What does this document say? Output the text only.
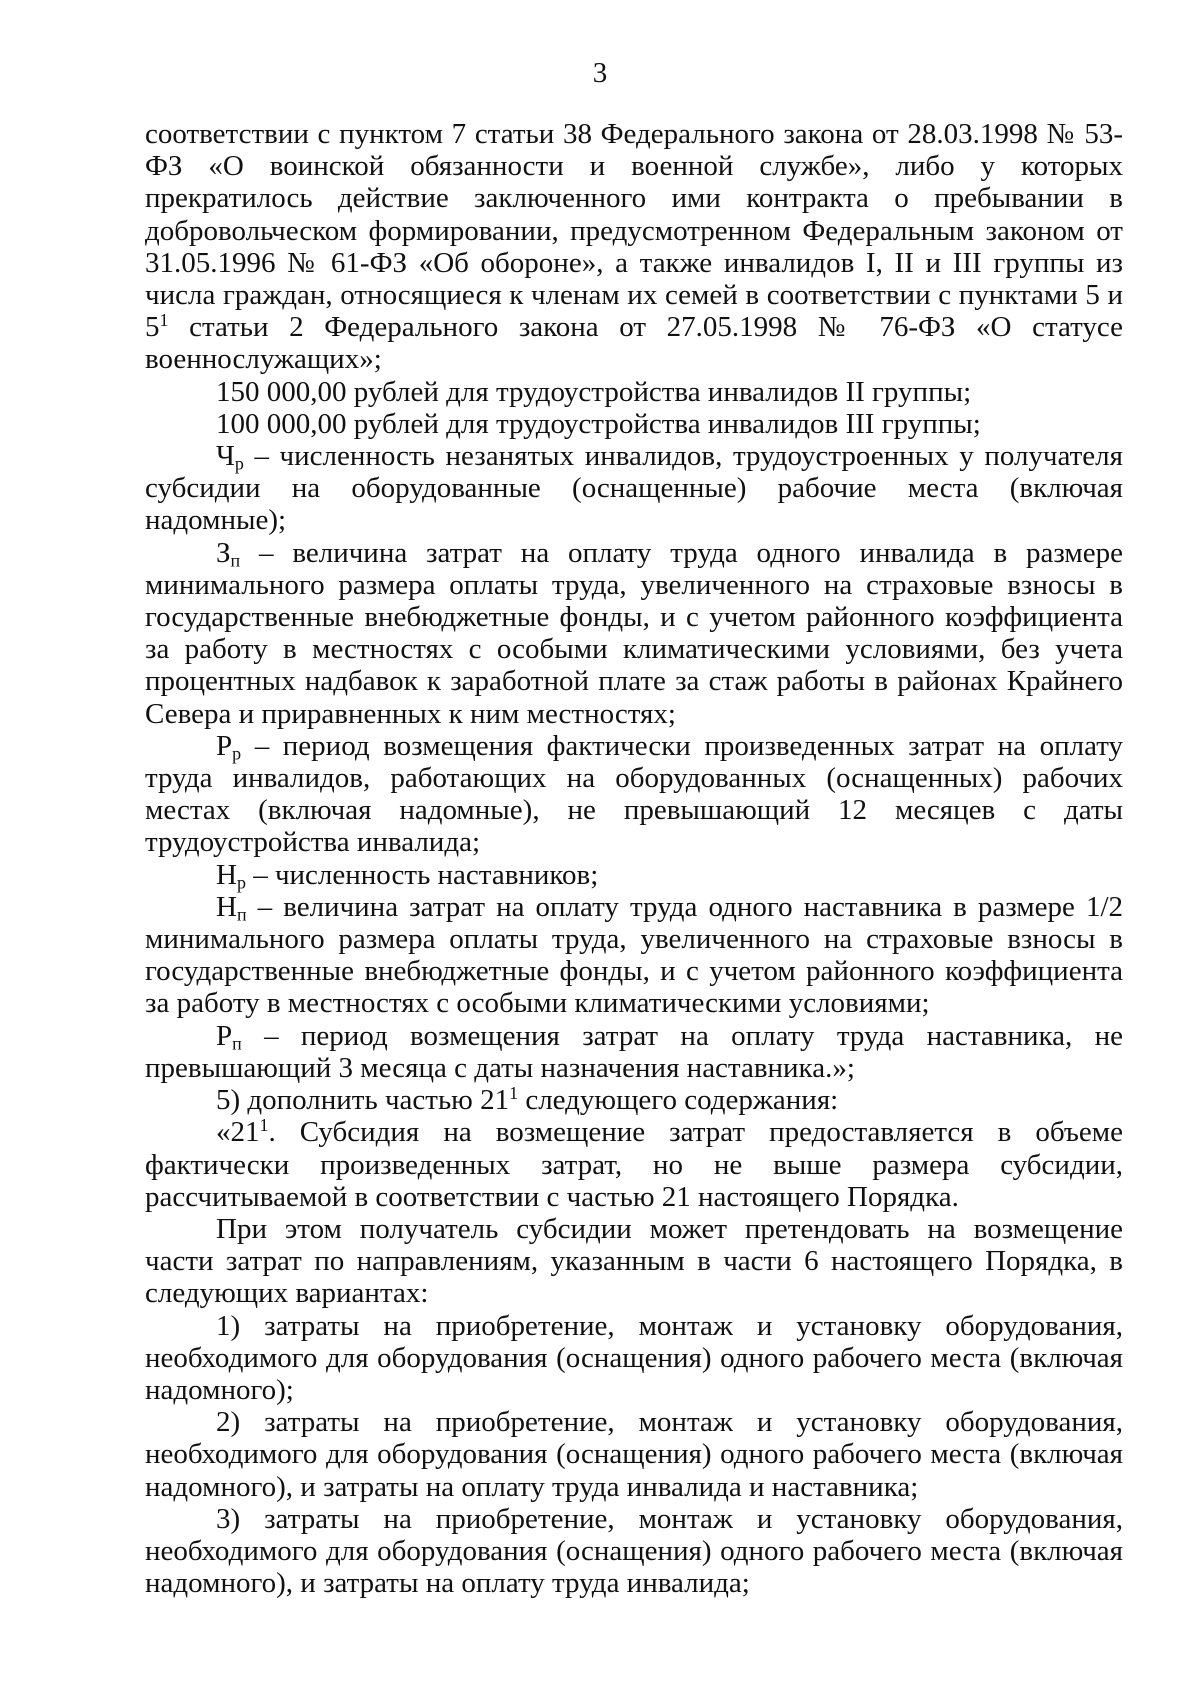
3

соответствии с пунктом 7 статьи 38 Федерального закона от 28.03.1998 № 53-ФЗ «О воинской обязанности и военной службе», либо у которых прекратилось действие заключенного ими контракта о пребывании в добровольческом формировании, предусмотренном Федеральным законом от 31.05.1996 № 61-ФЗ «Об обороне», а также инвалидов I, II и III группы из числа граждан, относящиеся к членам их семей в соответствии с пунктами 5 и $5^1$ статьи 2 Федерального закона от 27.05.1998 № 76-ФЗ «О статусе военнослужащих»;

150 000,00 рублей для трудоустройства инвалидов II группы;

100 000,00 рублей для трудоустройства инвалидов III группы;

$Ч_р$ – численность незанятых инвалидов, трудоустроенных у получателя субсидии на оборудованные (оснащенные) рабочие места (включая надомные);

$З_п$ – величина затрат на оплату труда одного инвалида в размере минимального размера оплаты труда, увеличенного на страховые взносы в государственные внебюджетные фонды, и с учетом районного коэффициента за работу в местностях с особыми климатическими условиями, без учета процентных надбавок к заработной плате за стаж работы в районах Крайнего Севера и приравненных к ним местностях;

$Р_р$ – период возмещения фактически произведенных затрат на оплату труда инвалидов, работающих на оборудованных (оснащенных) рабочих местах (включая надомные), не превышающий 12 месяцев с даты трудоустройства инвалида;

$Н_р$ – численность наставников;

$Н_п$ – величина затрат на оплату труда одного наставника в размере 1/2 минимального размера оплаты труда, увеличенного на страховые взносы в государственные внебюджетные фонды, и с учетом районного коэффициента за работу в местностях с особыми климатическими условиями;

$Р_п$ – период возмещения затрат на оплату труда наставника, не превышающий 3 месяца с даты назначения наставника.»;

5) дополнить частью $21^1$ следующего содержания:

«$21^1$. Субсидия на возмещение затрат предоставляется в объеме фактически произведенных затрат, но не выше размера субсидии, рассчитываемой в соответствии с частью 21 настоящего Порядка.

При этом получатель субсидии может претендовать на возмещение части затрат по направлениям, указанным в части 6 настоящего Порядка, в следующих вариантах:

1) затраты на приобретение, монтаж и установку оборудования, необходимого для оборудования (оснащения) одного рабочего места (включая надомного);

2) затраты на приобретение, монтаж и установку оборудования, необходимого для оборудования (оснащения) одного рабочего места (включая надомного), и затраты на оплату труда инвалида и наставника;

3) затраты на приобретение, монтаж и установку оборудования, необходимого для оборудования (оснащения) одного рабочего места (включая надомного), и затраты на оплату труда инвалида;
